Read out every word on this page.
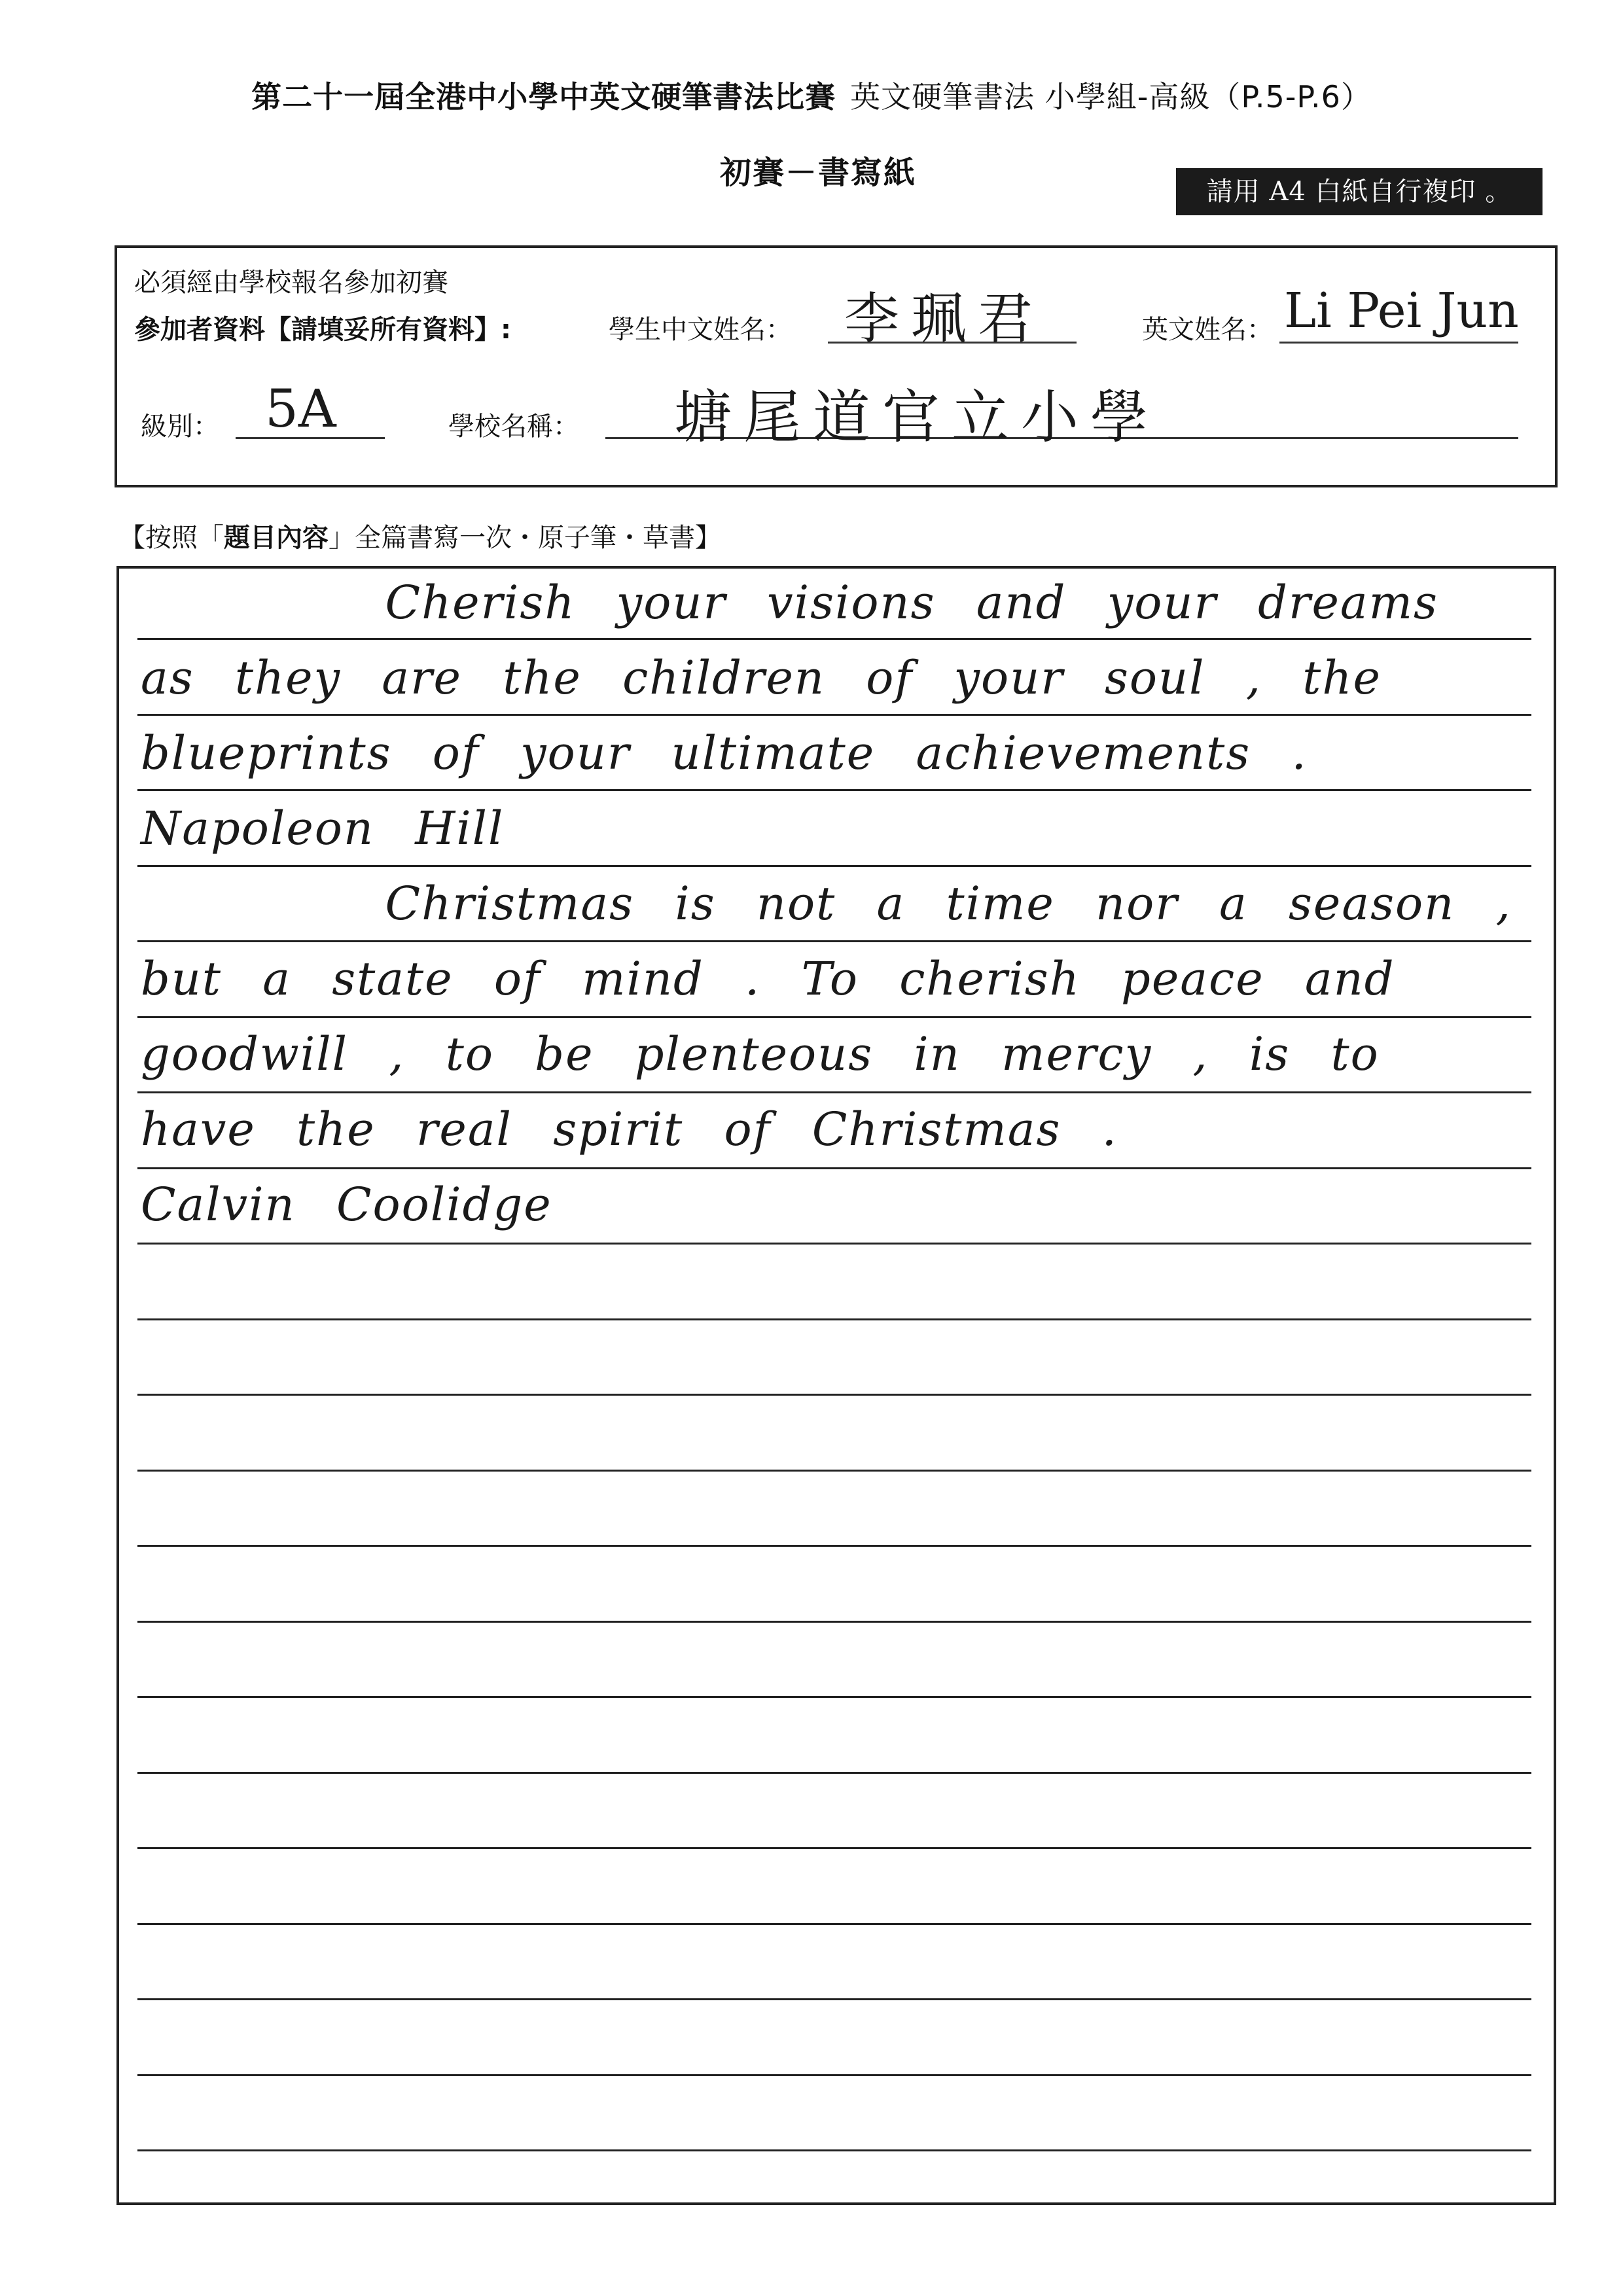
第二十一屆全港中小學中英文硬筆書法比賽 英文硬筆書法 小學組-高級（P.5-P.6）
初賽－書寫紙
請用 A4 白紙自行複印 。
必須經由學校報名參加初賽
參加者資料【請填妥所有資料】:	學生中文姓名： 李珮君	英文姓名： Li Pei Jun
級別： 5A	學校名稱： 塘尾道官立小學
【按照「題目內容」全篇書寫一次・原子筆・草書】
Cherish your visions and your dreams
as they are the children of your soul , the
blueprints of your ultimate achievements .
Napoleon Hill
Christmas is not a time nor a season ,
but a state of mind . To cherish peace and
goodwill , to be plenteous in mercy , is to
have the real spirit of Christmas .
Calvin Coolidge
